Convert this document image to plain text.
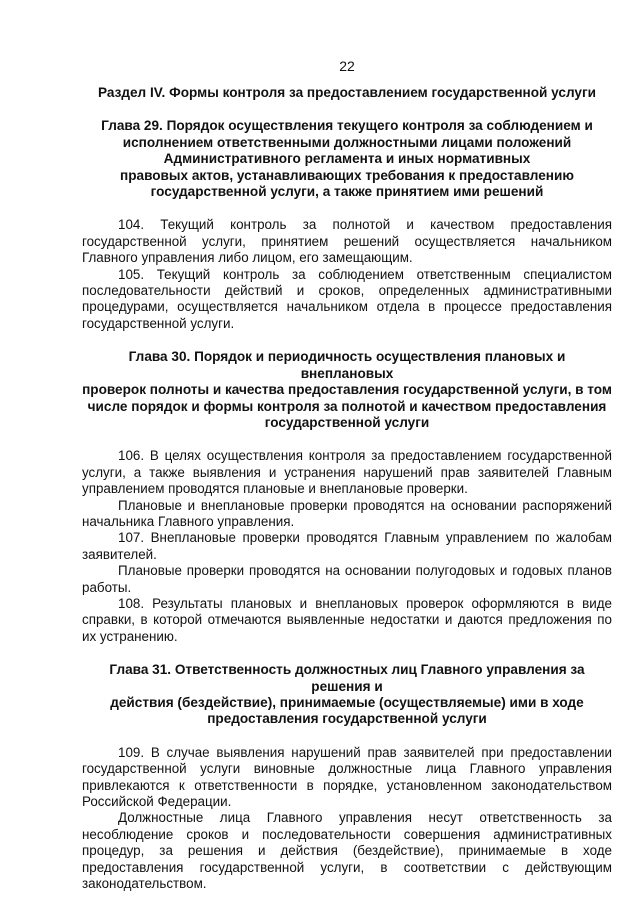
22
Раздел IV. Формы контроля за предоставлением государственной услуги
Глава 29. Порядок осуществления текущего контроля за соблюдением и
исполнением ответственными должностными лицами положений
Административного регламента и иных нормативных
правовых актов, устанавливающих требования к предоставлению
государственной услуги, а также принятием ими решений

104. Текущий контроль за полнотой и качеством предоставления государственной услуги, принятием решений осуществляется начальником Главного управления либо лицом, его замещающим.

105. Текущий контроль за соблюдением ответственным специалистом последовательности действий и сроков, определенных административными процедурами, осуществляется начальником отдела в процессе предоставления государственной услуги.

Глава 30. Порядок и периодичность осуществления плановых и внеплановых
проверок полноты и качества предоставления государственной услуги, в том
числе порядок и формы контроля за полнотой и качеством предоставления
государственной услуги

106. В целях осуществления контроля за предоставлением государственной услуги, а также выявления и устранения нарушений прав заявителей Главным управлением проводятся плановые и внеплановые проверки.

Плановые и внеплановые проверки проводятся на основании распоряжений начальника Главного управления.

107. Внеплановые проверки проводятся Главным управлением по жалобам заявителей.

Плановые проверки проводятся на основании полугодовых и годовых планов работы.

108. Результаты плановых и внеплановых проверок оформляются в виде справки, в которой отмечаются выявленные недостатки и даются предложения по их устранению.

Глава 31. Ответственность должностных лиц Главного управления за решения и
действия (бездействие), принимаемые (осуществляемые) ими в ходе
предоставления государственной услуги

109. В случае выявления нарушений прав заявителей при предоставлении государственной услуги виновные должностные лица Главного управления привлекаются к ответственности в порядке, установленном законодательством Российской Федерации.

Должностные лица Главного управления несут ответственность за несоблюдение сроков и последовательности совершения административных процедур, за решения и действия (бездействие), принимаемые в ходе предоставления государственной услуги, в соответствии с действующим законодательством.
